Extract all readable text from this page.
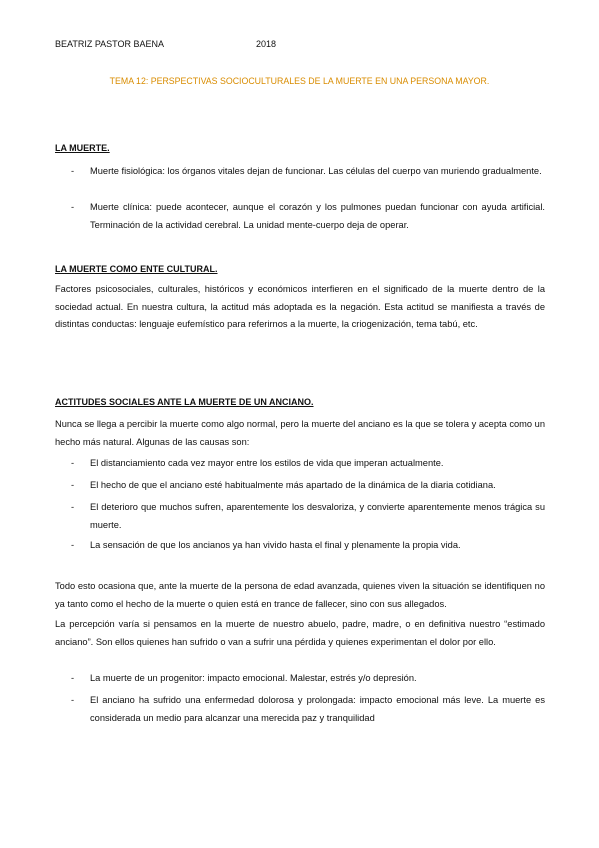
BEATRIZ PASTOR BAENA	2018
TEMA 12: PERSPECTIVAS SOCIOCULTURALES DE LA MUERTE EN UNA PERSONA MAYOR.
LA MUERTE.
- Muerte fisiológica: los órganos vitales dejan de funcionar. Las células del cuerpo van muriendo gradualmente.
- Muerte clínica: puede acontecer, aunque el corazón y los pulmones puedan funcionar con ayuda artificial. Terminación de la actividad cerebral. La unidad mente-cuerpo deja de operar.
LA MUERTE COMO ENTE CULTURAL.
Factores psicosociales, culturales, históricos y económicos interfieren en el significado de la muerte dentro de la sociedad actual. En nuestra cultura, la actitud más adoptada es la negación. Esta actitud se manifiesta a través de distintas conductas: lenguaje eufemístico para referirnos a la muerte, la criogenización, tema tabú, etc.
ACTITUDES SOCIALES ANTE LA MUERTE DE UN ANCIANO.
Nunca se llega a percibir la muerte como algo normal, pero la muerte del anciano es la que se tolera y acepta como un hecho más natural. Algunas de las causas son:
- El distanciamiento cada vez mayor entre los estilos de vida que imperan actualmente.
- El hecho de que el anciano esté habitualmente más apartado de la dinámica de la diaria cotidiana.
- El deterioro que muchos sufren, aparentemente los desvaloriza, y convierte aparentemente menos trágica su muerte.
- La sensación de que los ancianos ya han vivido hasta el final y plenamente la propia vida.
Todo esto ocasiona que, ante la muerte de la persona de edad avanzada, quienes viven la situación se identifiquen no ya tanto como el hecho de la muerte o quien está en trance de fallecer, sino con sus allegados.
La percepción varía si pensamos en la muerte de nuestro abuelo, padre, madre, o en definitiva nuestro “estimado anciano”. Son ellos quienes han sufrido o van a sufrir una pérdida y quienes experimentan el dolor por ello.
- La muerte de un progenitor: impacto emocional. Malestar, estrés y/o depresión.
- El anciano ha sufrido una enfermedad dolorosa y prolongada: impacto emocional más leve. La muerte es considerada un medio para alcanzar una merecida paz y tranquilidad
